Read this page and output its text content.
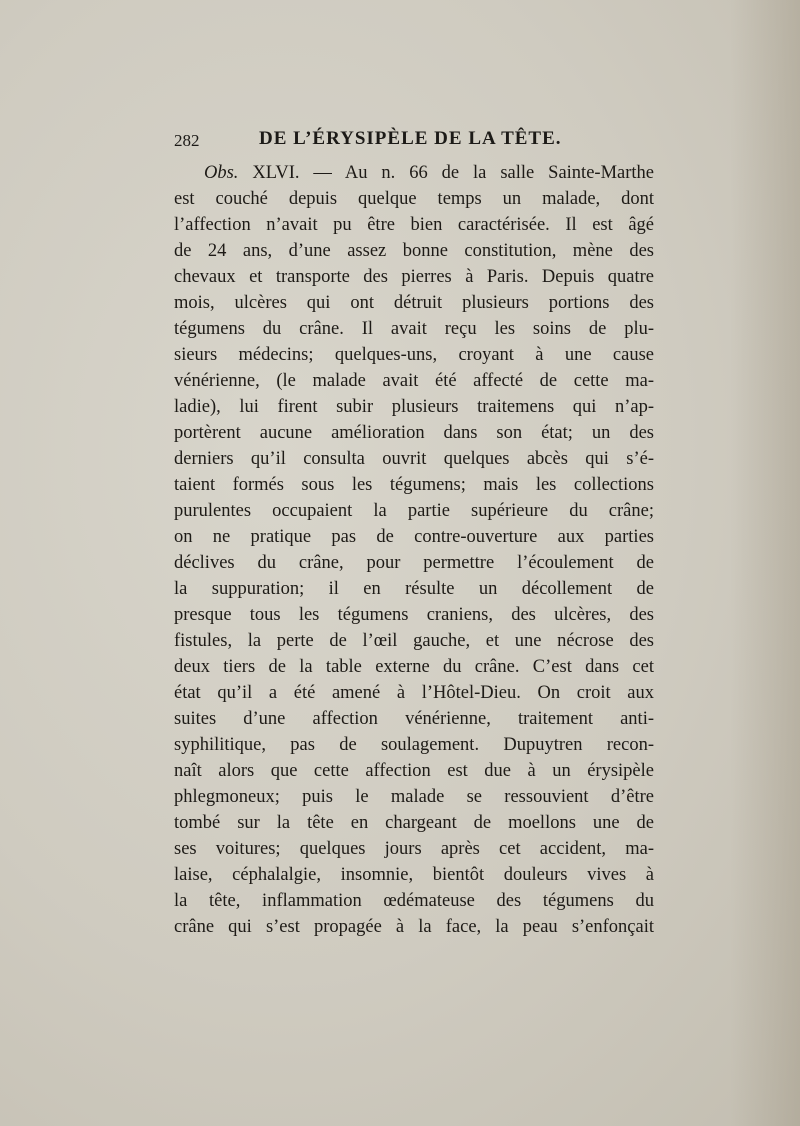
282	DE L’ÉRYSIPÈLE DE LA TÊTE.
Obs. XLVI. — Au n. 66 de la salle Sainte-Marthe
est couché depuis quelque temps un malade, dont
l’affection n’avait pu être bien caractérisée. Il est âgé
de 24 ans, d’une assez bonne constitution, mène des
chevaux et transporte des pierres à Paris. Depuis quatre
mois, ulcères qui ont détruit plusieurs portions des
tégumens du crâne. Il avait reçu les soins de plu-
sieurs médecins; quelques-uns, croyant à une cause
vénérienne, (le malade avait été affecté de cette ma-
ladie), lui firent subir plusieurs traitemens qui n’ap-
portèrent aucune amélioration dans son état; un des
derniers qu’il consulta ouvrit quelques abcès qui s’é-
taient formés sous les tégumens; mais les collections
purulentes occupaient la partie supérieure du crâne;
on ne pratique pas de contre-ouverture aux parties
déclives du crâne, pour permettre l’écoulement de
la suppuration; il en résulte un décollement de
presque tous les tégumens craniens, des ulcères, des
fistules, la perte de l’œil gauche, et une nécrose des
deux tiers de la table externe du crâne. C’est dans cet
état qu’il a été amené à l’Hôtel-Dieu. On croit aux
suites d’une affection vénérienne, traitement anti-
syphilitique, pas de soulagement. Dupuytren recon-
naît alors que cette affection est due à un érysipèle
phlegmoneux; puis le malade se ressouvient d’être
tombé sur la tête en chargeant de moellons une de
ses voitures; quelques jours après cet accident, ma-
laise, céphalalgie, insomnie, bientôt douleurs vives à
la tête, inflammation œdémateuse des tégumens du
crâne qui s’est propagée à la face, la peau s’enfonçait
